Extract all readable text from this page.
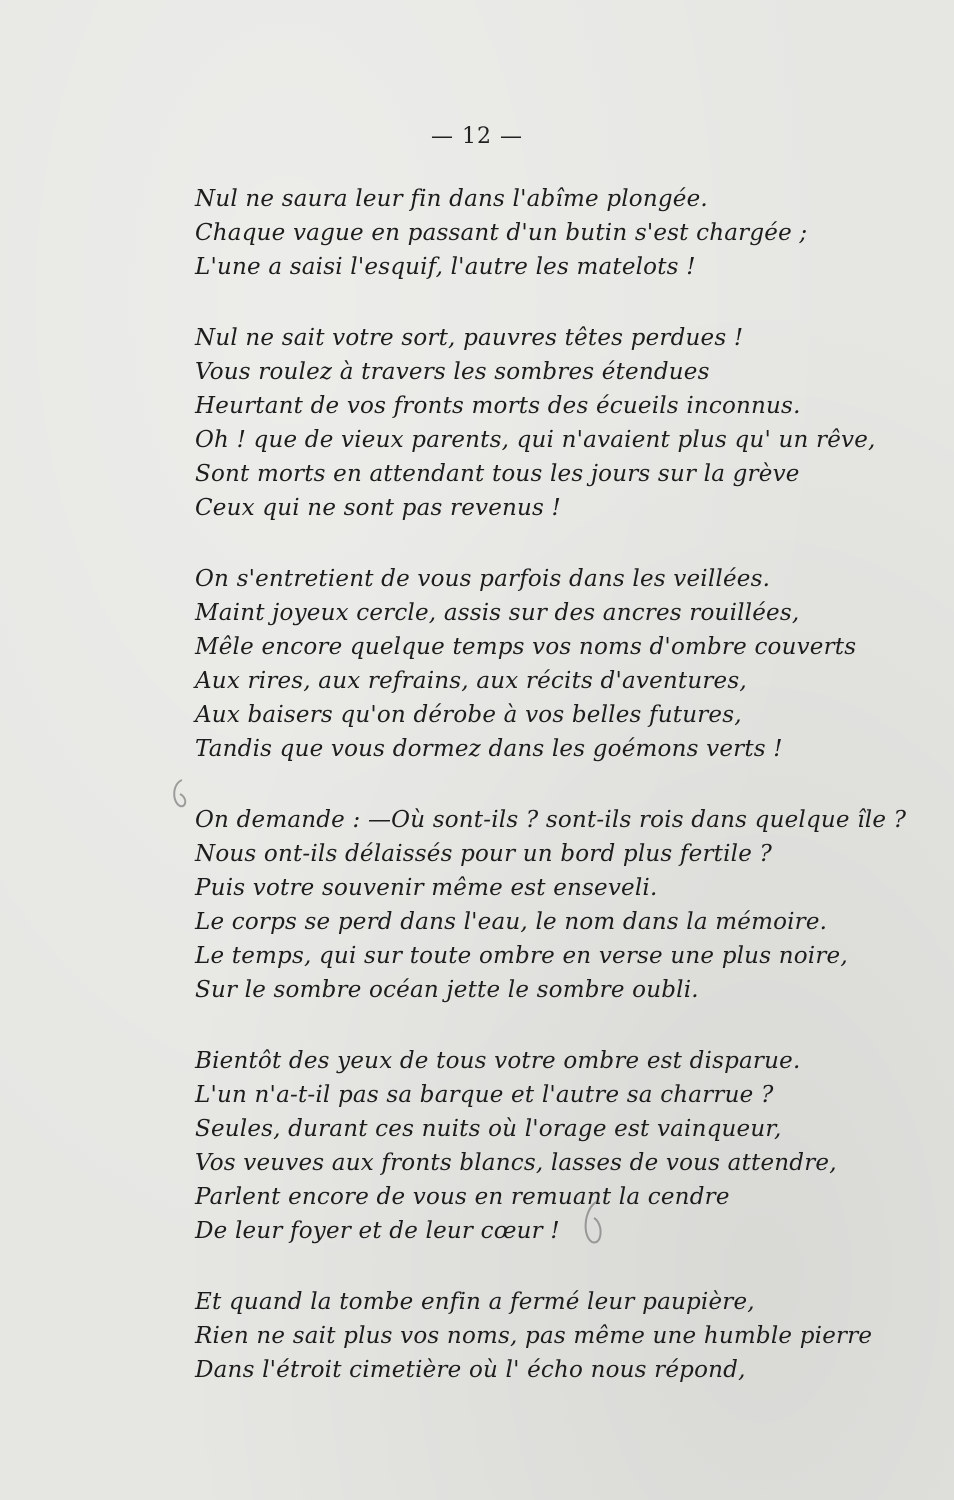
— 12 —
Nul ne saura leur fin dans l'abîme plongée.
Chaque vague en passant d'un butin s'est chargée ;
L'une a saisi l'esquif, l'autre les matelots !
Nul ne sait votre sort, pauvres têtes perdues !
Vous roulez à travers les sombres étendues
Heurtant de vos fronts morts des écueils inconnus.
Oh ! que de vieux parents, qui n'avaient plus qu' un rêve,
Sont morts en attendant tous les jours sur la grève
Ceux qui ne sont pas revenus !
On s'entretient de vous parfois dans les veillées.
Maint joyeux cercle, assis sur des ancres rouillées,
Mêle encore quelque temps vos noms d'ombre couverts
Aux rires, aux refrains, aux récits d'aventures,
Aux baisers qu'on dérobe à vos belles futures,
Tandis que vous dormez dans les goémons verts !
On demande : —Où sont-ils ? sont-ils rois dans quelque île ?
Nous ont-ils délaissés pour un bord plus fertile ?
Puis votre souvenir même est enseveli.
Le corps se perd dans l'eau, le nom dans la mémoire.
Le temps, qui sur toute ombre en verse une plus noire,
Sur le sombre océan jette le sombre oubli.
Bientôt des yeux de tous votre ombre est disparue.
L'un n'a-t-il pas sa barque et l'autre sa charrue ?
Seules, durant ces nuits où l'orage est vainqueur,
Vos veuves aux fronts blancs, lasses de vous attendre,
Parlent encore de vous en remuant la cendre
De leur foyer et de leur cœur !
Et quand la tombe enfin a fermé leur paupière,
Rien ne sait plus vos noms, pas même une humble pierre
Dans l'étroit cimetière où l' écho nous répond,
